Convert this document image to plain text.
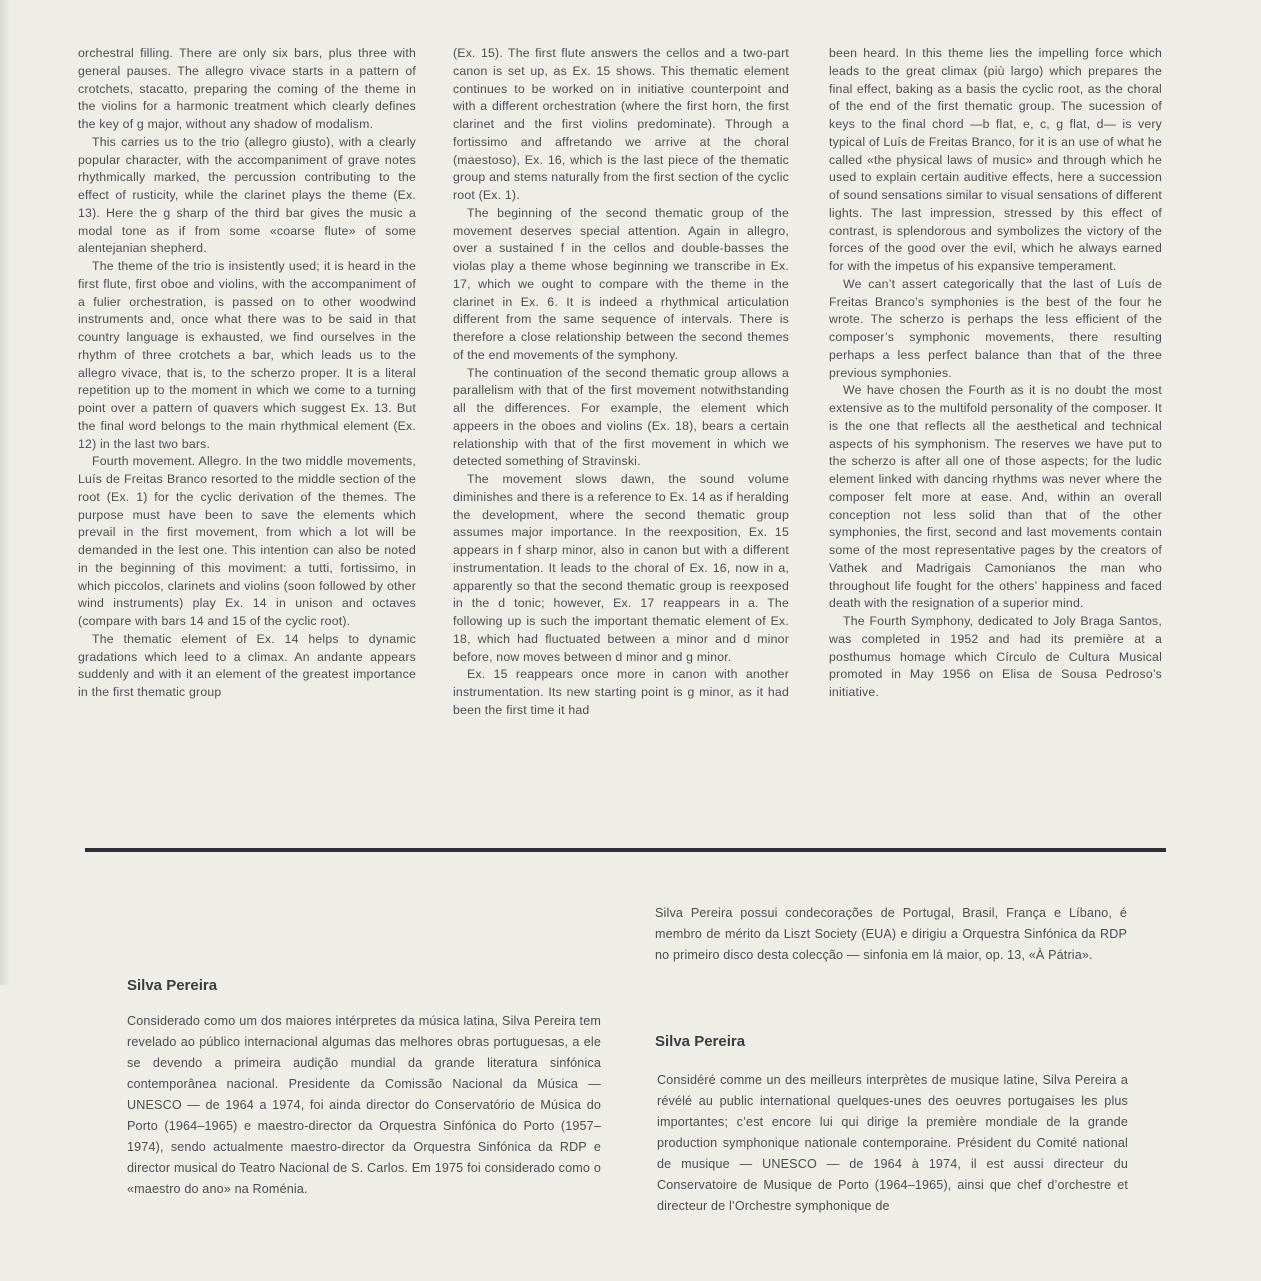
orchestral filling. There are only six bars, plus three with general pauses. The allegro vivace starts in a pattern of crotchets, stacatto, preparing the coming of the theme in the violins for a harmonic treatment which clearly defines the key of g major, without any shadow of modalism.

This carries us to the trio (allegro giusto), with a clearly popular character, with the accompaniment of grave notes rhythmically marked, the percussion contributing to the effect of rusticity, while the clarinet plays the theme (Ex. 13). Here the g sharp of the third bar gives the music a modal tone as if from some «coarse flute» of some alentejanian shepherd.

The theme of the trio is insistently used; it is heard in the first flute, first oboe and violins, with the accompaniment of a fulier orchestration, is passed on to other woodwind instruments and, once what there was to be said in that country language is exhausted, we find ourselves in the rhythm of three crotchets a bar, which leads us to the allegro vivace, that is, to the scherzo proper. It is a literal repetition up to the moment in which we come to a turning point over a pattern of quavers which suggest Ex. 13. But the final word belongs to the main rhythmical element (Ex. 12) in the last two bars.

Fourth movement. Allegro. In the two middle movements, Luís de Freitas Branco resorted to the middle section of the root (Ex. 1) for the cyclic derivation of the themes. The purpose must have been to save the elements which prevail in the first movement, from which a lot will be demanded in the lest one. This intention can also be noted in the beginning of this moviment: a tutti, fortissimo, in which piccolos, clarinets and violins (soon followed by other wind instruments) play Ex. 14 in unison and octaves (compare with bars 14 and 15 of the cyclic root).

The thematic element of Ex. 14 helps to dynamic gradations which leed to a climax. An andante appears suddenly and with it an element of the greatest importance in the first thematic group

(Ex. 15). The first flute answers the cellos and a two-part canon is set up, as Ex. 15 shows. This thematic element continues to be worked on in initiative counterpoint and with a different orchestration (where the first horn, the first clarinet and the first violins predominate). Through a fortissimo and affretando we arrive at the choral (maestoso), Ex. 16, which is the last piece of the thematic group and stems naturally from the first section of the cyclic root (Ex. 1).

The beginning of the second thematic group of the movement deserves special attention. Again in allegro, over a sustained f in the cellos and double-basses the violas play a theme whose beginning we transcribe in Ex. 17, which we ought to compare with the theme in the clarinet in Ex. 6. It is indeed a rhythmical articulation different from the same sequence of intervals. There is therefore a close relationship between the second themes of the end movements of the symphony.

The continuation of the second thematic group allows a parallelism with that of the first movement notwithstanding all the differences. For example, the element which appeers in the oboes and violins (Ex. 18), bears a certain relationship with that of the first movement in which we detected something of Stravinski.

The movement slows dawn, the sound volume diminishes and there is a reference to Ex. 14 as if heralding the development, where the second thematic group assumes major importance. In the reexposition, Ex. 15 appears in f sharp minor, also in canon but with a different instrumentation. It leads to the choral of Ex. 16, now in a, apparently so that the second thematic group is reexposed in the d tonic; however, Ex. 17 reappears in a. The following up is such the important thematic element of Ex. 18, which had fluctuated between a minor and d minor before, now moves between d minor and g minor.

Ex. 15 reappears once more in canon with another instrumentation. Its new starting point is g minor, as it had been the first time it had

been heard. In this theme lies the impelling force which leads to the great climax (più largo) which prepares the final effect, baking as a basis the cyclic root, as the choral of the end of the first thematic group. The sucession of keys to the final chord —b flat, e, c, g flat, d— is very typical of Luís de Freitas Branco, for it is an use of what he called «the physical laws of music» and through which he used to explain certain auditive effects, here a succession of sound sensations similar to visual sensations of different lights. The last impression, stressed by this effect of contrast, is splendorous and symbolizes the victory of the forces of the good over the evil, which he always earned for with the impetus of his expansive temperament.

We can’t assert categorically that the last of Luís de Freitas Branco’s symphonies is the best of the four he wrote. The scherzo is perhaps the less efficient of the composer’s symphonic movements, there resulting perhaps a less perfect balance than that of the three previous symphonies.

We have chosen the Fourth as it is no doubt the most extensive as to the multifold personality of the composer. It is the one that reflects all the aesthetical and technical aspects of his symphonism. The reserves we have put to the scherzo is after all one of those aspects; for the ludic element linked with dancing rhythms was never where the composer felt more at ease. And, within an overall conception not less solid than that of the other symphonies, the first, second and last movements contain some of the most representative pages by the creators of Vathek and Madrigais Camonianos the man who throughout life fought for the others’ happiness and faced death with the resignation of a superior mind.

The Fourth Symphony, dedicated to Joly Braga Santos, was completed in 1952 and had its première at a posthumus homage which Círculo de Cultura Musical promoted in May 1956 on Elisa de Sousa Pedroso’s initiative.

Silva Pereira possui condecorações de Portugal, Brasil, França e Líbano, é membro de mérito da Liszt Society (EUA) e dirigiu a Orquestra Sinfónica da RDP no primeiro disco desta colecção — sinfonia em lá maior, op. 13, «À Pátria».

Silva Pereira

Considerado como um dos maiores intérpretes da música latina, Silva Pereira tem revelado ao público internacional algumas das melhores obras portuguesas, a ele se devendo a primeira audição mundial da grande literatura sinfónica contemporânea nacional. Presidente da Comissão Nacional da Música — UNESCO — de 1964 a 1974, foi ainda director do Conservatório de Música do Porto (1964–1965) e maestro-director da Orquestra Sinfónica do Porto (1957–1974), sendo actualmente maestro-director da Orquestra Sinfónica da RDP e director musical do Teatro Nacional de S. Carlos. Em 1975 foi considerado como o «maestro do ano» na Roménia.

Silva Pereira

Considéré comme un des meilleurs interprètes de musique latine, Silva Pereira a révélé au public international quelques-unes des oeuvres portugaises les plus importantes; c’est encore lui qui dirige la première mondiale de la grande production symphonique nationale contemporaine. Président du Comité national de musique — UNESCO — de 1964 à 1974, il est aussi directeur du Conservatoire de Musique de Porto (1964–1965), ainsi que chef d’orchestre et directeur de l’Orchestre symphonique de
